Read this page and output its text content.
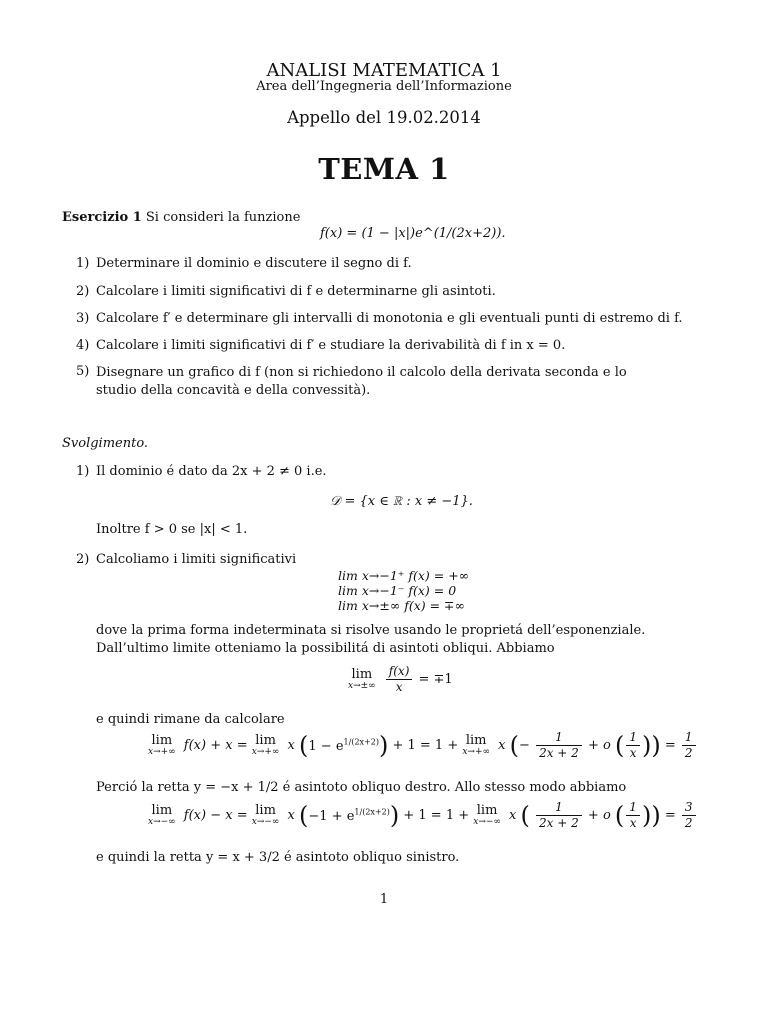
ANALISI MATEMATICA 1
Area dell’Ingegneria dell’Informazione
Appello del 19.02.2014
TEMA 1
Esercizio 1 Si consideri la funzione
f(x) = (1 − |x|)e^(1/(2x+2)).
1) Determinare il dominio e discutere il segno di f.
2) Calcolare i limiti significativi di f e determinarne gli asintoti.
3) Calcolare f′ e determinare gli intervalli di monotonia e gli eventuali punti di estremo di f.
4) Calcolare i limiti significativi di f′ e studiare la derivabilità di f in x = 0.
5) Disegnare un grafico di f (non si richiedono il calcolo della derivata seconda e lo studio della concavità e della convessità).
Svolgimento.
1) Il dominio é dato da 2x + 2 ≠ 0 i.e.
𝒟 = {x ∈ ℝ : x ≠ −1}.
Inoltre f > 0 se |x| < 1.
2) Calcoliamo i limiti significativi
lim x→−1⁺ f(x) = +∞
lim x→−1⁻ f(x) = 0
lim x→±∞ f(x) = ∓∞
dove la prima forma indeterminata si risolve usando le proprietá dell’esponenziale. Dall’ultimo limite otteniamo la possibilitá di asintoti obliqui. Abbiamo
lim
x→±∞
$\frac{f(x)}{x} = \mp 1$
e quindi rimane da calcolare
lim
x→+∞ f(x) + x = lim
x→+∞ x $(1 - e^{1/(2x+2)}) + 1 = 1 + \lim$
x→+∞ x (− $\frac{1}{2x + 2} + o$ ( $\frac{1}{x}$ )) = $\frac{1}{2}$
Perció la retta y = −x + 1/2 é asintoto obliquo destro. Allo stesso modo abbiamo
lim
x→−∞ f(x) − x = lim
x→−∞ x $(-1 + e^{1/(2x+2)}) + 1 = 1 + \lim$
x→−∞ x ( $\frac{1}{2x + 2} + o$ ( $\frac{1}{x}$ )) = $\frac{3}{2}$
e quindi la retta y = x + 3/2 é asintoto obliquo sinistro.
1
